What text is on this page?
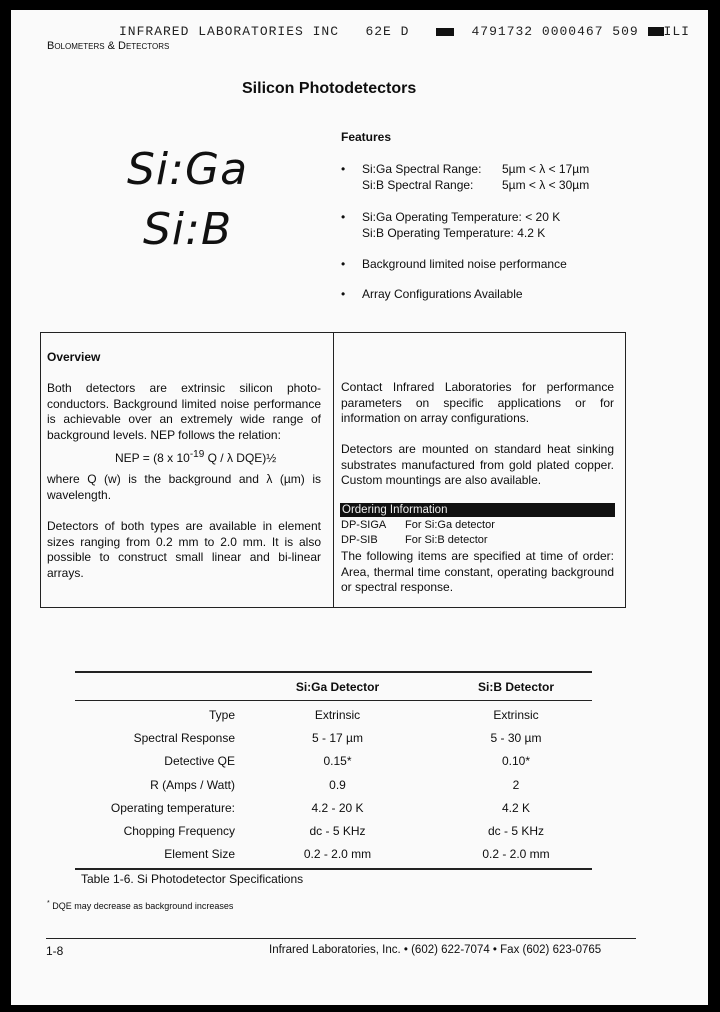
INFRARED LABORATORIES INC 62E D	4791732 0000467 509 ILI
Bolometers & Detectors
Silicon Photodetectors
Si:Ga
Si:B
Features
• Si:Ga Spectral Range: 5µm < λ < 17µm
Si:B Spectral Range: 5µm < λ < 30µm
• Si:Ga Operating Temperature: < 20 K
Si:B Operating Temperature: 4.2 K
• Background limited noise performance
• Array Configurations Available
Overview
Both detectors are extrinsic silicon photo-conductors. Background limited noise performance is achievable over an extremely wide range of background levels. NEP follows the relation:
NEP = (8 x $10^{-19}$ Q / λ DQE)½
where Q (w) is the background and λ (µm) is wavelength.
Detectors of both types are available in element sizes ranging from 0.2 mm to 2.0 mm. It is also possible to construct small linear and bi-linear arrays.
Contact Infrared Laboratories for performance parameters on specific applications or for information on array configurations.
Detectors are mounted on standard heat sinking substrates manufactured from gold plated copper. Custom mountings are also available.
Ordering Information
DP-SIGA For Si:Ga detector
DP-SIB For Si:B detector
The following items are specified at time of order: Area, thermal time constant, operating background or spectral response.
	Si:Ga Detector	Si:B Detector

Type	Extrinsic	Extrinsic
Spectral Response	5 - 17 µm	5 - 30 µm
Detective QE	0.15*	0.10*
R (Amps / Watt)	0.9	2
Operating temperature:	4.2 - 20 K	4.2 K
Chopping Frequency	dc - 5 KHz	dc - 5 KHz
Element Size	0.2 - 2.0 mm	0.2 - 2.0 mm
Table 1-6. Si Photodetector Specifications
* DQE may decrease as background increases
1-8	Infrared Laboratories, Inc. • (602) 622-7074 • Fax (602) 623-0765
